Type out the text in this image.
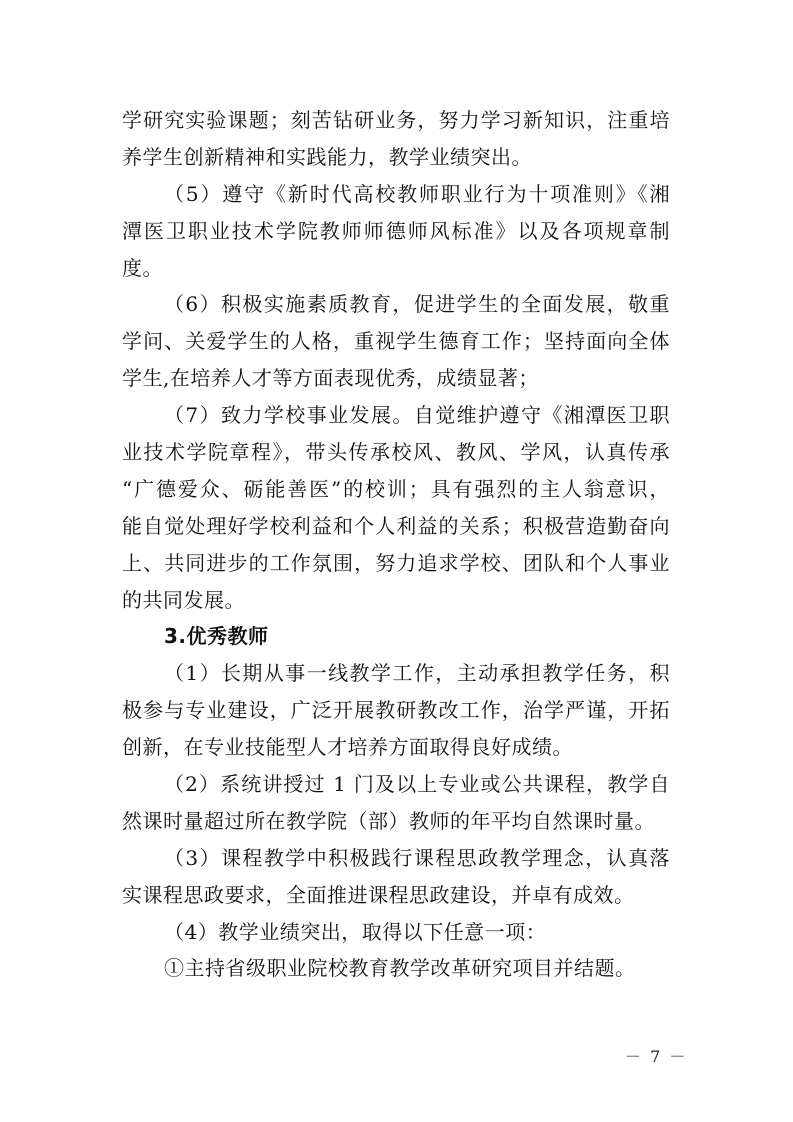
学研究实验课题；刻苦钻研业务，努力学习新知识，注重培
养学生创新精神和实践能力，教学业绩突出。
（5）遵守《新时代高校教师职业行为十项准则》《湘
潭医卫职业技术学院教师师德师风标准》以及各项规章制
度。
（6）积极实施素质教育，促进学生的全面发展，敬重
学问、关爱学生的人格，重视学生德育工作；坚持面向全体
学生,在培养人才等方面表现优秀，成绩显著；
（7）致力学校事业发展。自觉维护遵守《湘潭医卫职
业技术学院章程》，带头传承校风、教风、学风，认真传承
“广德爱众、砺能善医”的校训；具有强烈的主人翁意识，
能自觉处理好学校利益和个人利益的关系；积极营造勤奋向
上、共同进步的工作氛围，努力追求学校、团队和个人事业
的共同发展。
3.优秀教师
（1）长期从事一线教学工作，主动承担教学任务，积
极参与专业建设，广泛开展教研教改工作，治学严谨，开拓
创新，在专业技能型人才培养方面取得良好成绩。
（2）系统讲授过 1 门及以上专业或公共课程，教学自
然课时量超过所在教学院（部）教师的年平均自然课时量。
（3）课程教学中积极践行课程思政教学理念，认真落
实课程思政要求，全面推进课程思政建设，并卓有成效。
（4）教学业绩突出，取得以下任意一项：
①主持省级职业院校教育教学改革研究项目并结题。
－ 7 －
